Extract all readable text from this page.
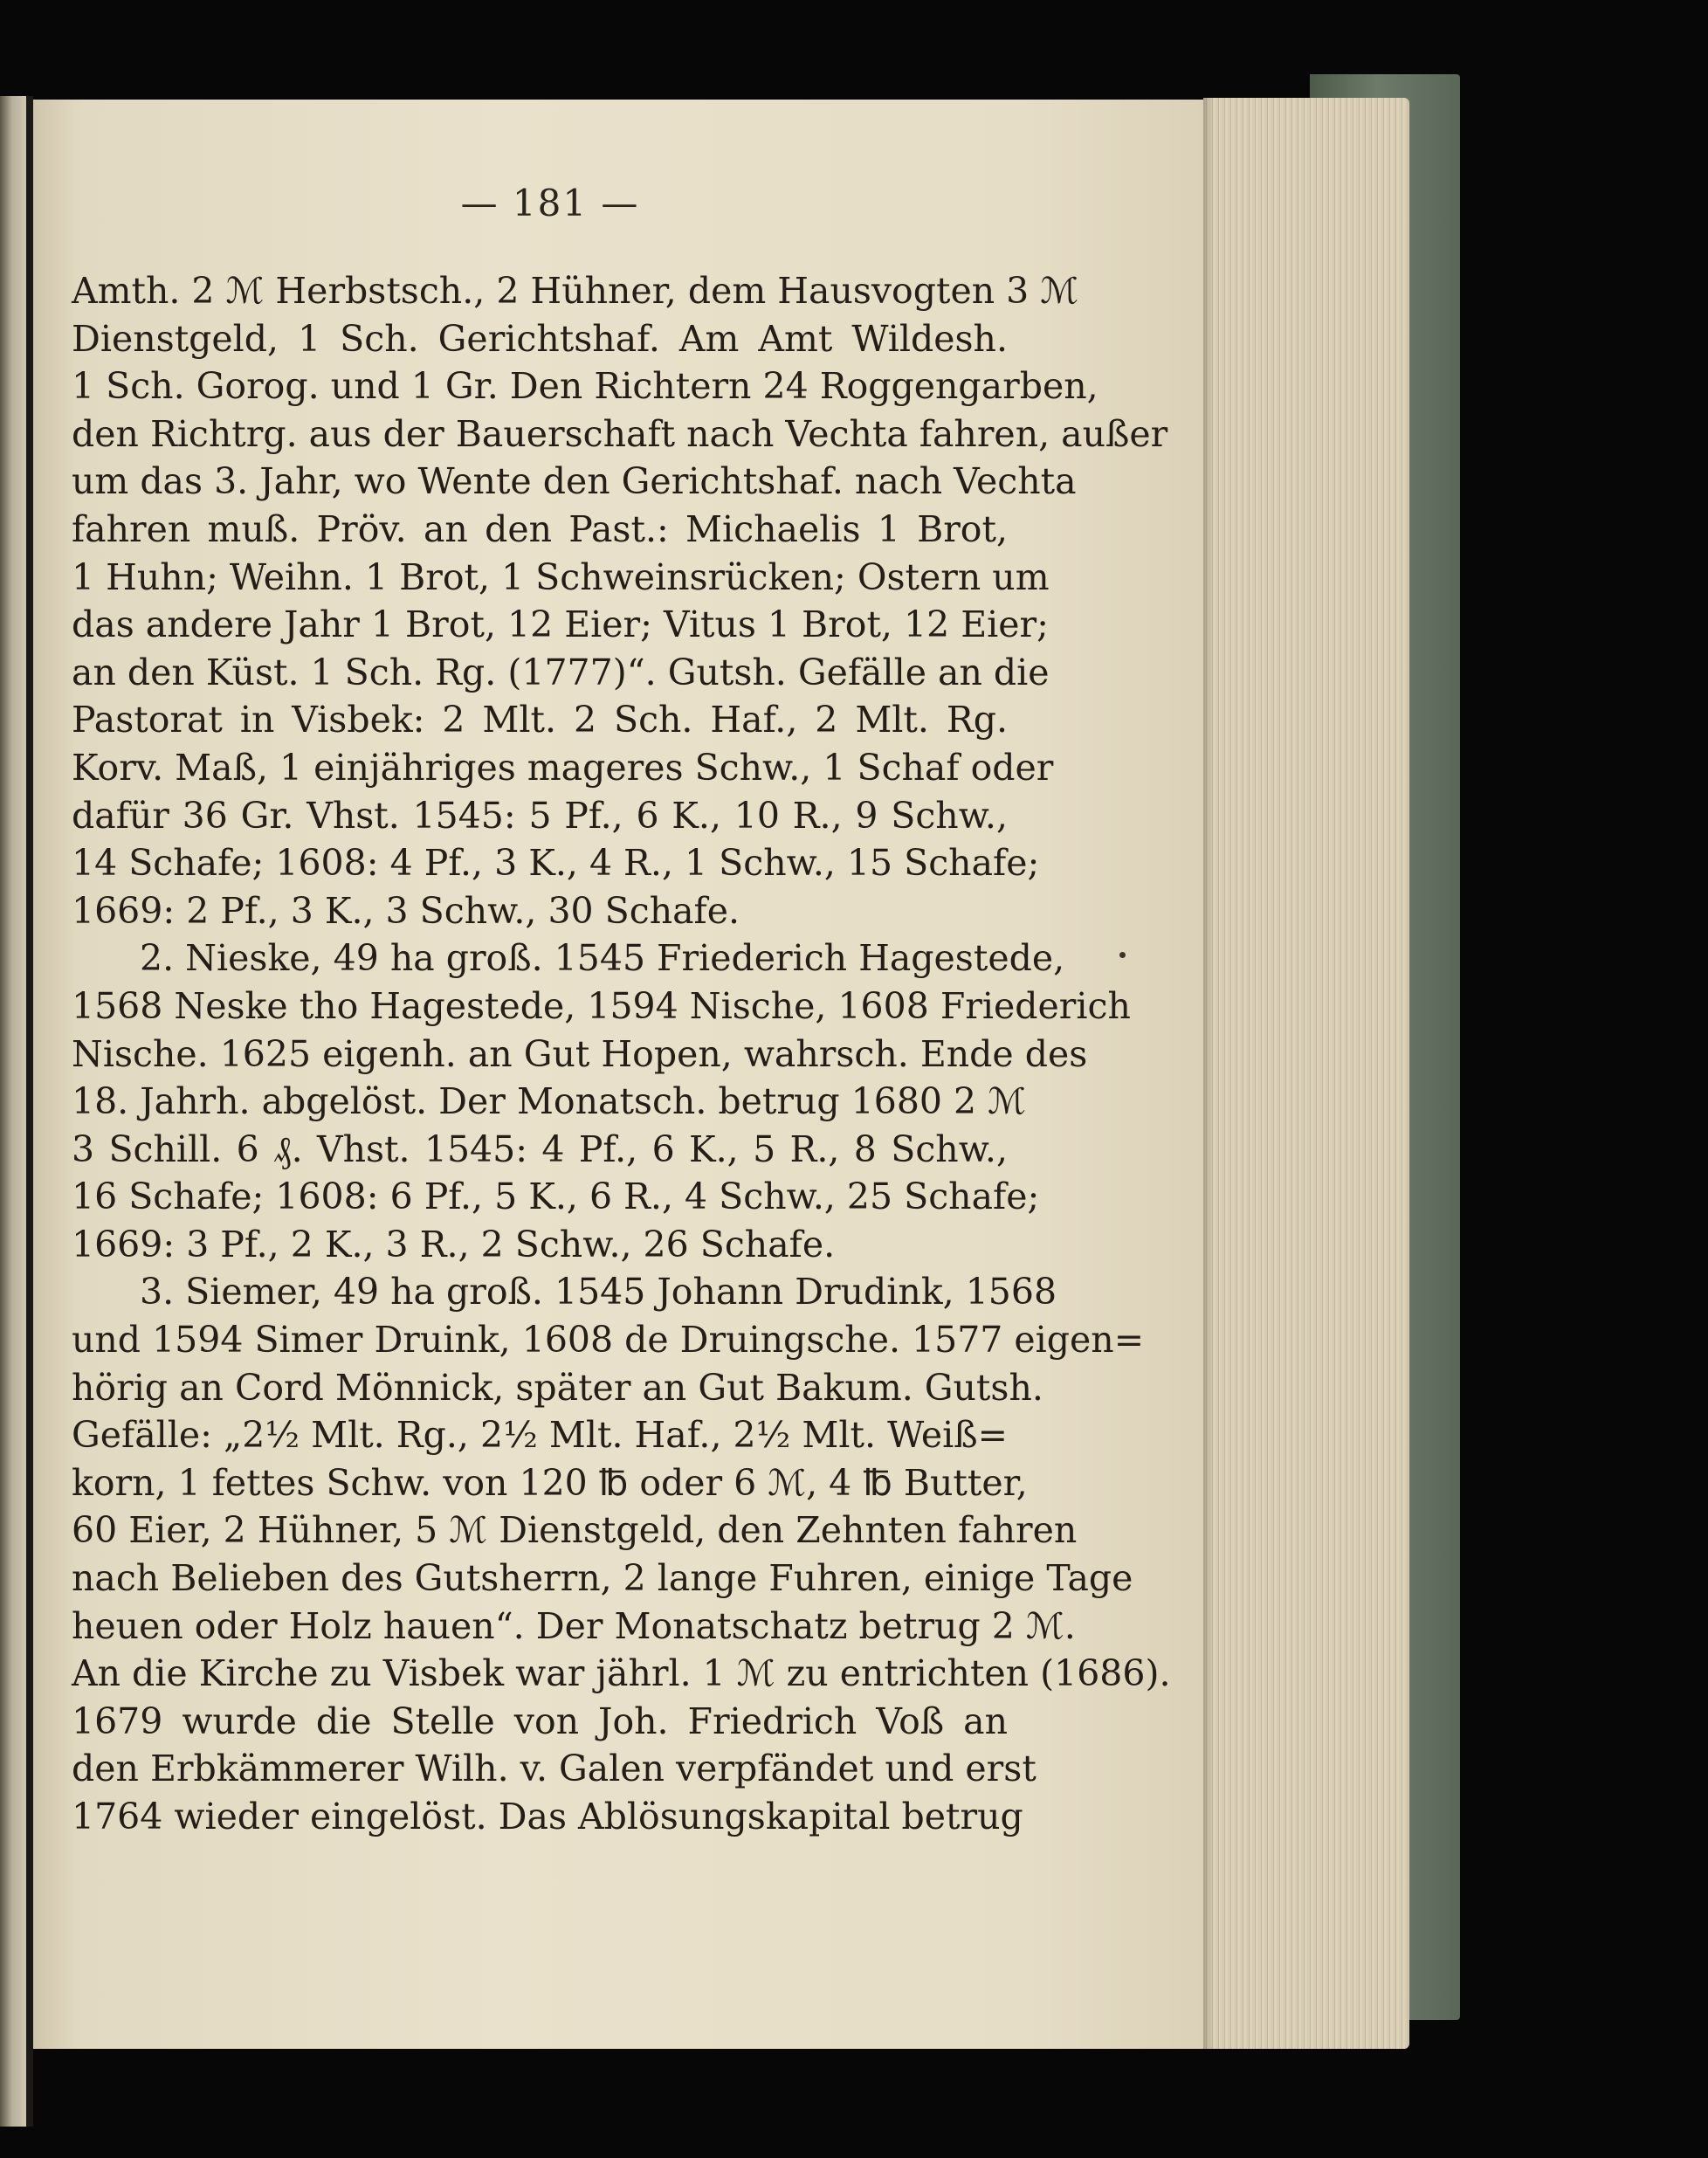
— 181 —
Amth. 2 ℳ Herbstsch., 2 Hühner, dem Hausvogten 3 ℳ
Dienstgeld, 1 Sch. Gerichtshaf. Am Amt Wildesh.
1 Sch. Gorog. und 1 Gr. Den Richtern 24 Roggengarben,
den Richtrg. aus der Bauerschaft nach Vechta fahren, außer
um das 3. Jahr, wo Wente den Gerichtshaf. nach Vechta
fahren muß. Pröv. an den Past.: Michaelis 1 Brot,
1 Huhn; Weihn. 1 Brot, 1 Schweinsrücken; Ostern um
das andere Jahr 1 Brot, 12 Eier; Vitus 1 Brot, 12 Eier;
an den Küst. 1 Sch. Rg. (1777)“. Gutsh. Gefälle an die
Pastorat in Visbek: 2 Mlt. 2 Sch. Haf., 2 Mlt. Rg.
Korv. Maß, 1 einjähriges mageres Schw., 1 Schaf oder
dafür 36 Gr. Vhst. 1545: 5 Pf., 6 K., 10 R., 9 Schw.,
14 Schafe; 1608: 4 Pf., 3 K., 4 R., 1 Schw., 15 Schafe;
1669: 2 Pf., 3 K., 3 Schw., 30 Schafe.
2. Nieske, 49 ha groß. 1545 Friederich Hagestede,
1568 Neske tho Hagestede, 1594 Nische, 1608 Friederich
Nische. 1625 eigenh. an Gut Hopen, wahrsch. Ende des
18. Jahrh. abgelöst. Der Monatsch. betrug 1680 2 ℳ
3 Schill. 6 ₰. Vhst. 1545: 4 Pf., 6 K., 5 R., 8 Schw.,
16 Schafe; 1608: 6 Pf., 5 K., 6 R., 4 Schw., 25 Schafe;
1669: 3 Pf., 2 K., 3 R., 2 Schw., 26 Schafe.
3. Siemer, 49 ha groß. 1545 Johann Drudink, 1568
und 1594 Simer Druink, 1608 de Druingsche. 1577 eigen=
hörig an Cord Mönnick, später an Gut Bakum. Gutsh.
Gefälle: „2½ Mlt. Rg., 2½ Mlt. Haf., 2½ Mlt. Weiß=
korn, 1 fettes Schw. von 120 ℔ oder 6 ℳ, 4 ℔ Butter,
60 Eier, 2 Hühner, 5 ℳ Dienstgeld, den Zehnten fahren
nach Belieben des Gutsherrn, 2 lange Fuhren, einige Tage
heuen oder Holz hauen“. Der Monatschatz betrug 2 ℳ.
An die Kirche zu Visbek war jährl. 1 ℳ zu entrichten (1686).
1679 wurde die Stelle von Joh. Friedrich Voß an
den Erbkämmerer Wilh. v. Galen verpfändet und erst
1764 wieder eingelöst. Das Ablösungskapital betrug
